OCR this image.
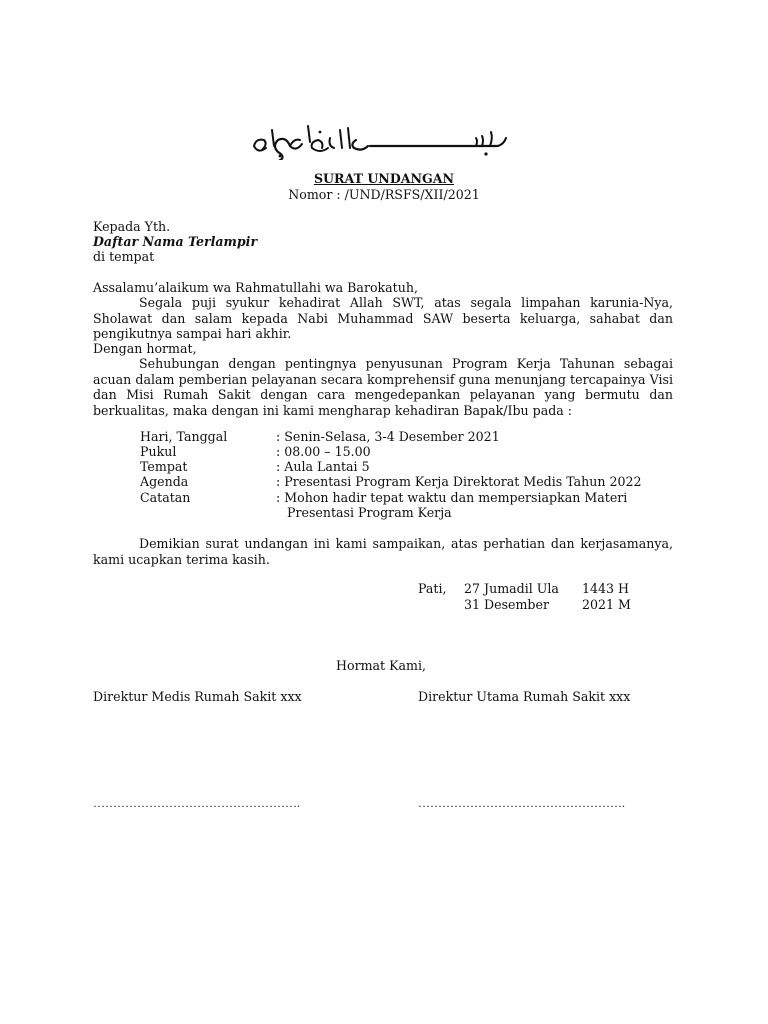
SURAT UNDANGAN
Nomor : /UND/RSFS/XII/2021
Kepada Yth.
Daftar Nama Terlampir
di tempat
Assalamu’alaikum wa Rahmatullahi wa Barokatuh,
Segala puji syukur kehadirat Allah SWT, atas segala limpahan karunia-Nya, Sholawat dan salam kepada Nabi Muhammad SAW beserta keluarga, sahabat dan pengikutnya sampai hari akhir.
Dengan hormat,
Sehubungan dengan pentingnya penyusunan Program Kerja Tahunan sebagai acuan dalam pemberian pelayanan secara komprehensif guna menunjang tercapainya Visi dan Misi Rumah Sakit dengan cara mengedepankan pelayanan yang bermutu dan berkualitas, maka dengan ini kami mengharap kehadiran Bapak/Ibu pada :
Hari, Tanggal	: Senin-Selasa, 3-4 Desember 2021
Pukul	: 08.00 – 15.00
Tempat	: Aula Lantai 5
Agenda	: Presentasi Program Kerja Direktorat Medis Tahun 2022
Catatan	: Mohon hadir tepat waktu dan mempersiapkan Materi
Presentasi Program Kerja
Demikian surat undangan ini kami sampaikan, atas perhatian dan kerjasamanya, kami ucapkan terima kasih.
Pati, 27 Jumadil Ula 1443 H
31 Desember	2021 M
Hormat Kami,
Direktur Medis Rumah Sakit xxx	Direktur Utama Rumah Sakit xxx
…………………………………………….	…………………………………………….
